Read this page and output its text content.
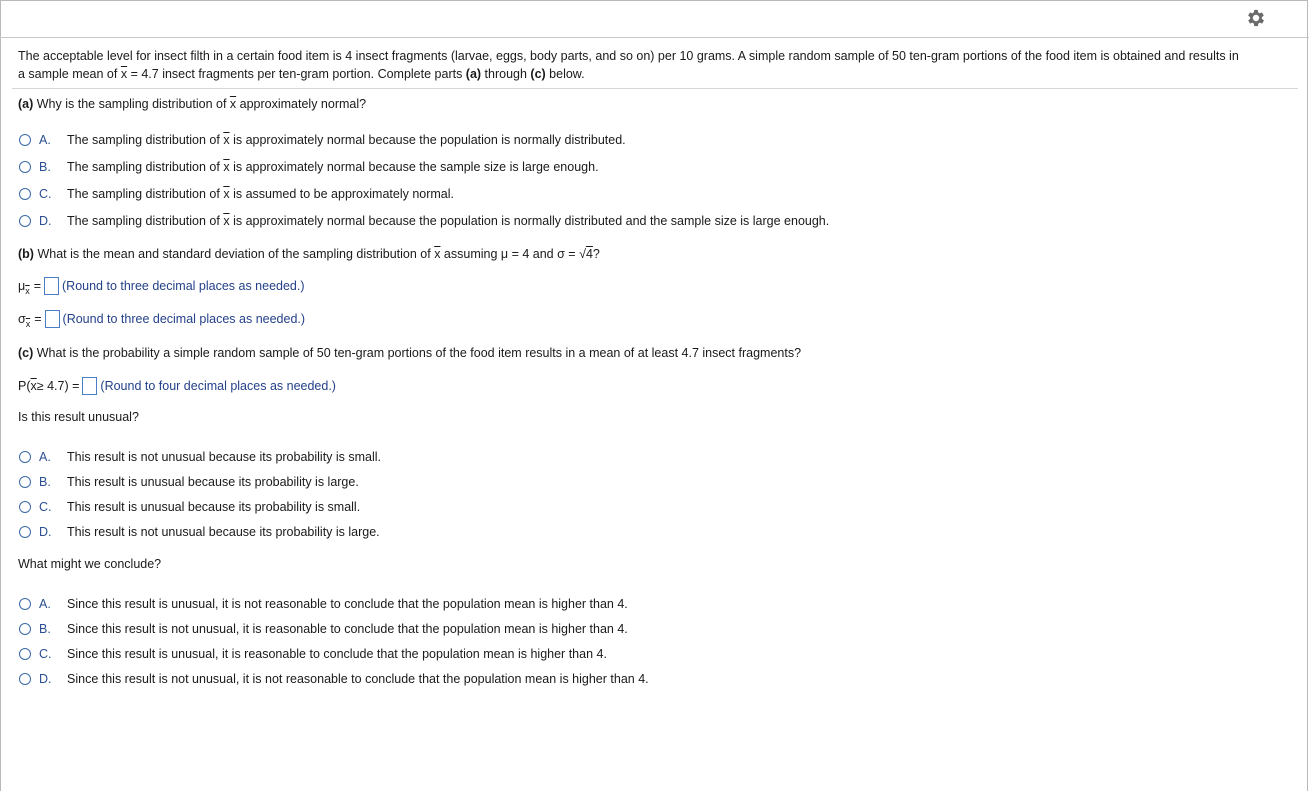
The acceptable level for insect filth in a certain food item is 4 insect fragments (larvae, eggs, body parts, and so on) per 10 grams. A simple random sample of 50 ten-gram portions of the food item is obtained and results in
a sample mean of $\overline{x} = 4.7$ insect fragments per ten-gram portion. Complete parts (a) through (c) below.
(a) Why is the sampling distribution of $\overline{x}$ approximately normal?
A.	The sampling distribution of $\overline{x}$ is approximately normal because the population is normally distributed.
B.	The sampling distribution of $\overline{x}$ is approximately normal because the sample size is large enough.
C.	The sampling distribution of $\overline{x}$ is assumed to be approximately normal.
D.	The sampling distribution of $\overline{x}$ is approximately normal because the population is normally distributed and the sample size is large enough.
(b) What is the mean and standard deviation of the sampling distribution of $\overline{x}$ assuming μ = 4 and σ = √4?
$\mu_{\overline{x}}$ = (Round to three decimal places as needed.)
$\sigma_{\overline{x}}$ = (Round to three decimal places as needed.)
(c) What is the probability a simple random sample of 50 ten-gram portions of the food item results in a mean of at least 4.7 insect fragments?
P( $\overline{x} \ge 4.7$) = (Round to four decimal places as needed.)
Is this result unusual?
A.	This result is not unusual because its probability is small.
B.	This result is unusual because its probability is large.
C.	This result is unusual because its probability is small.
D.	This result is not unusual because its probability is large.
What might we conclude?
A.	Since this result is unusual, it is not reasonable to conclude that the population mean is higher than 4.
B.	Since this result is not unusual, it is reasonable to conclude that the population mean is higher than 4.
C.	Since this result is unusual, it is reasonable to conclude that the population mean is higher than 4.
D.	Since this result is not unusual, it is not reasonable to conclude that the population mean is higher than 4.
